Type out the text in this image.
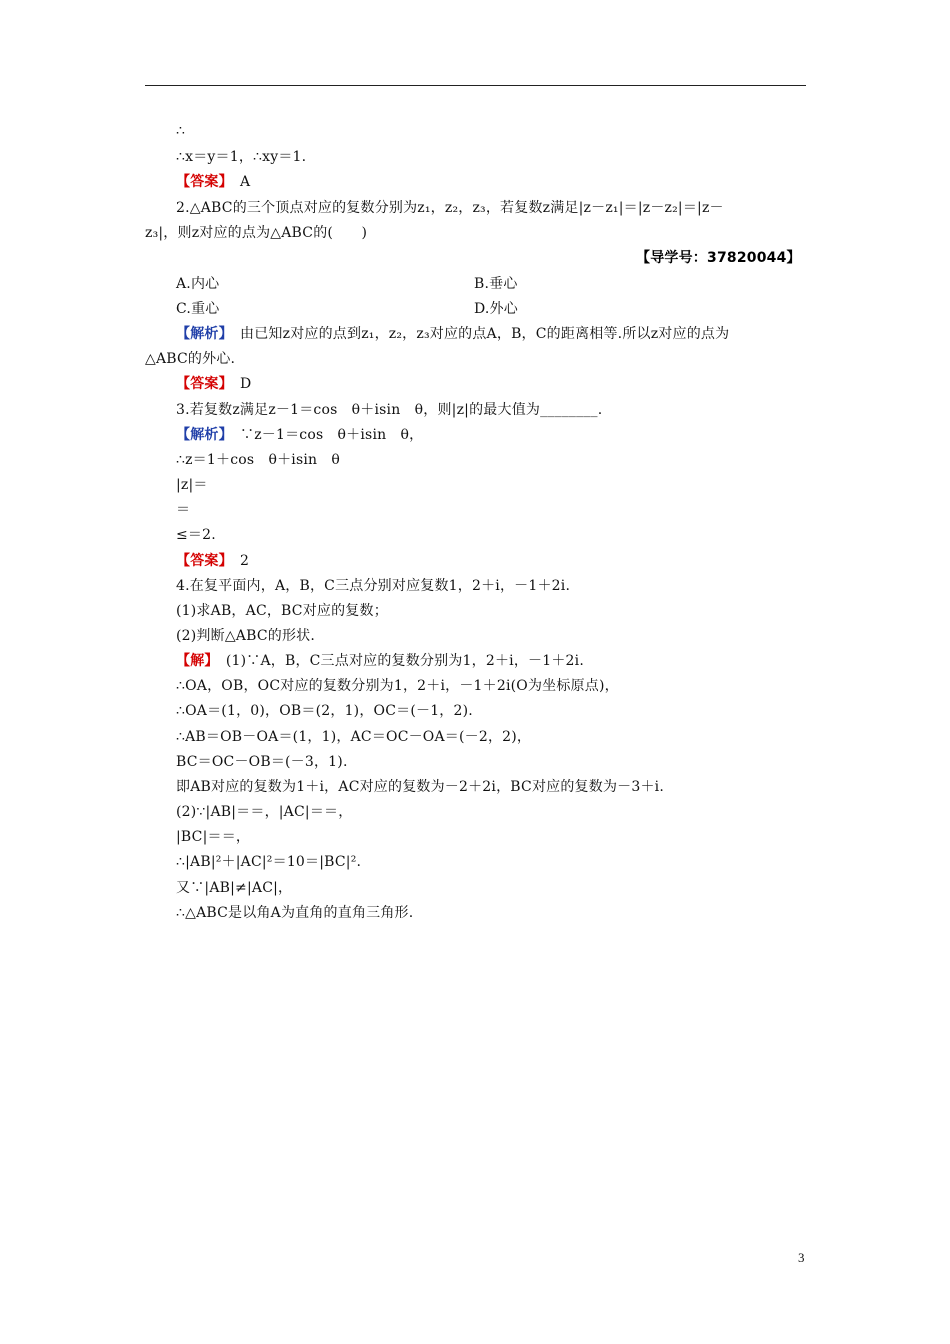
∴
∴x＝y＝1，∴xy＝1.
【答案】　 A
2.△ABC的三个顶点对应的复数分别为z₁，z₂，z₃，若复数z满足|z－z₁|＝|z－z₂|＝|z－
z₃|，则z对应的点为△ABC的(　　)
【导学号：37820044】
A.内心	B.垂心
C.重心	D.外心
【解析】　 由已知z对应的点到z₁，z₂，z₃对应的点A，B，C的距离相等.所以z对应的点为
△ABC的外心.
【答案】　 D
3.若复数z满足z－1＝cos　θ＋isin　θ，则|z|的最大值为________.
【解析】　 ∵z－1＝cos　θ＋isin　θ，
∴z＝1＋cos　θ＋isin　θ
|z|＝
＝
≤＝2.
【答案】　 2
4.在复平面内，A，B，C三点分别对应复数1，2＋i，－1＋2i.
(1)求AB，AC，BC对应的复数；
(2)判断△ABC的形状.
【解】　 (1)∵A，B，C三点对应的复数分别为1，2＋i，－1＋2i.
∴OA，OB，OC对应的复数分别为1，2＋i，－1＋2i(O为坐标原点)，
∴OA＝(1，0)，OB＝(2，1)，OC＝(－1，2).
∴AB＝OB－OA＝(1，1)，AC＝OC－OA＝(－2，2)，
BC＝OC－OB＝(－3，1).
即AB对应的复数为1＋i，AC对应的复数为－2＋2i，BC对应的复数为－3＋i.
(2)∵|AB|＝＝，|AC|＝＝，
|BC|＝＝，
∴|AB|²＋|AC|²＝10＝|BC|².
又∵|AB|≠|AC|，
∴△ABC是以角A为直角的直角三角形.
3
